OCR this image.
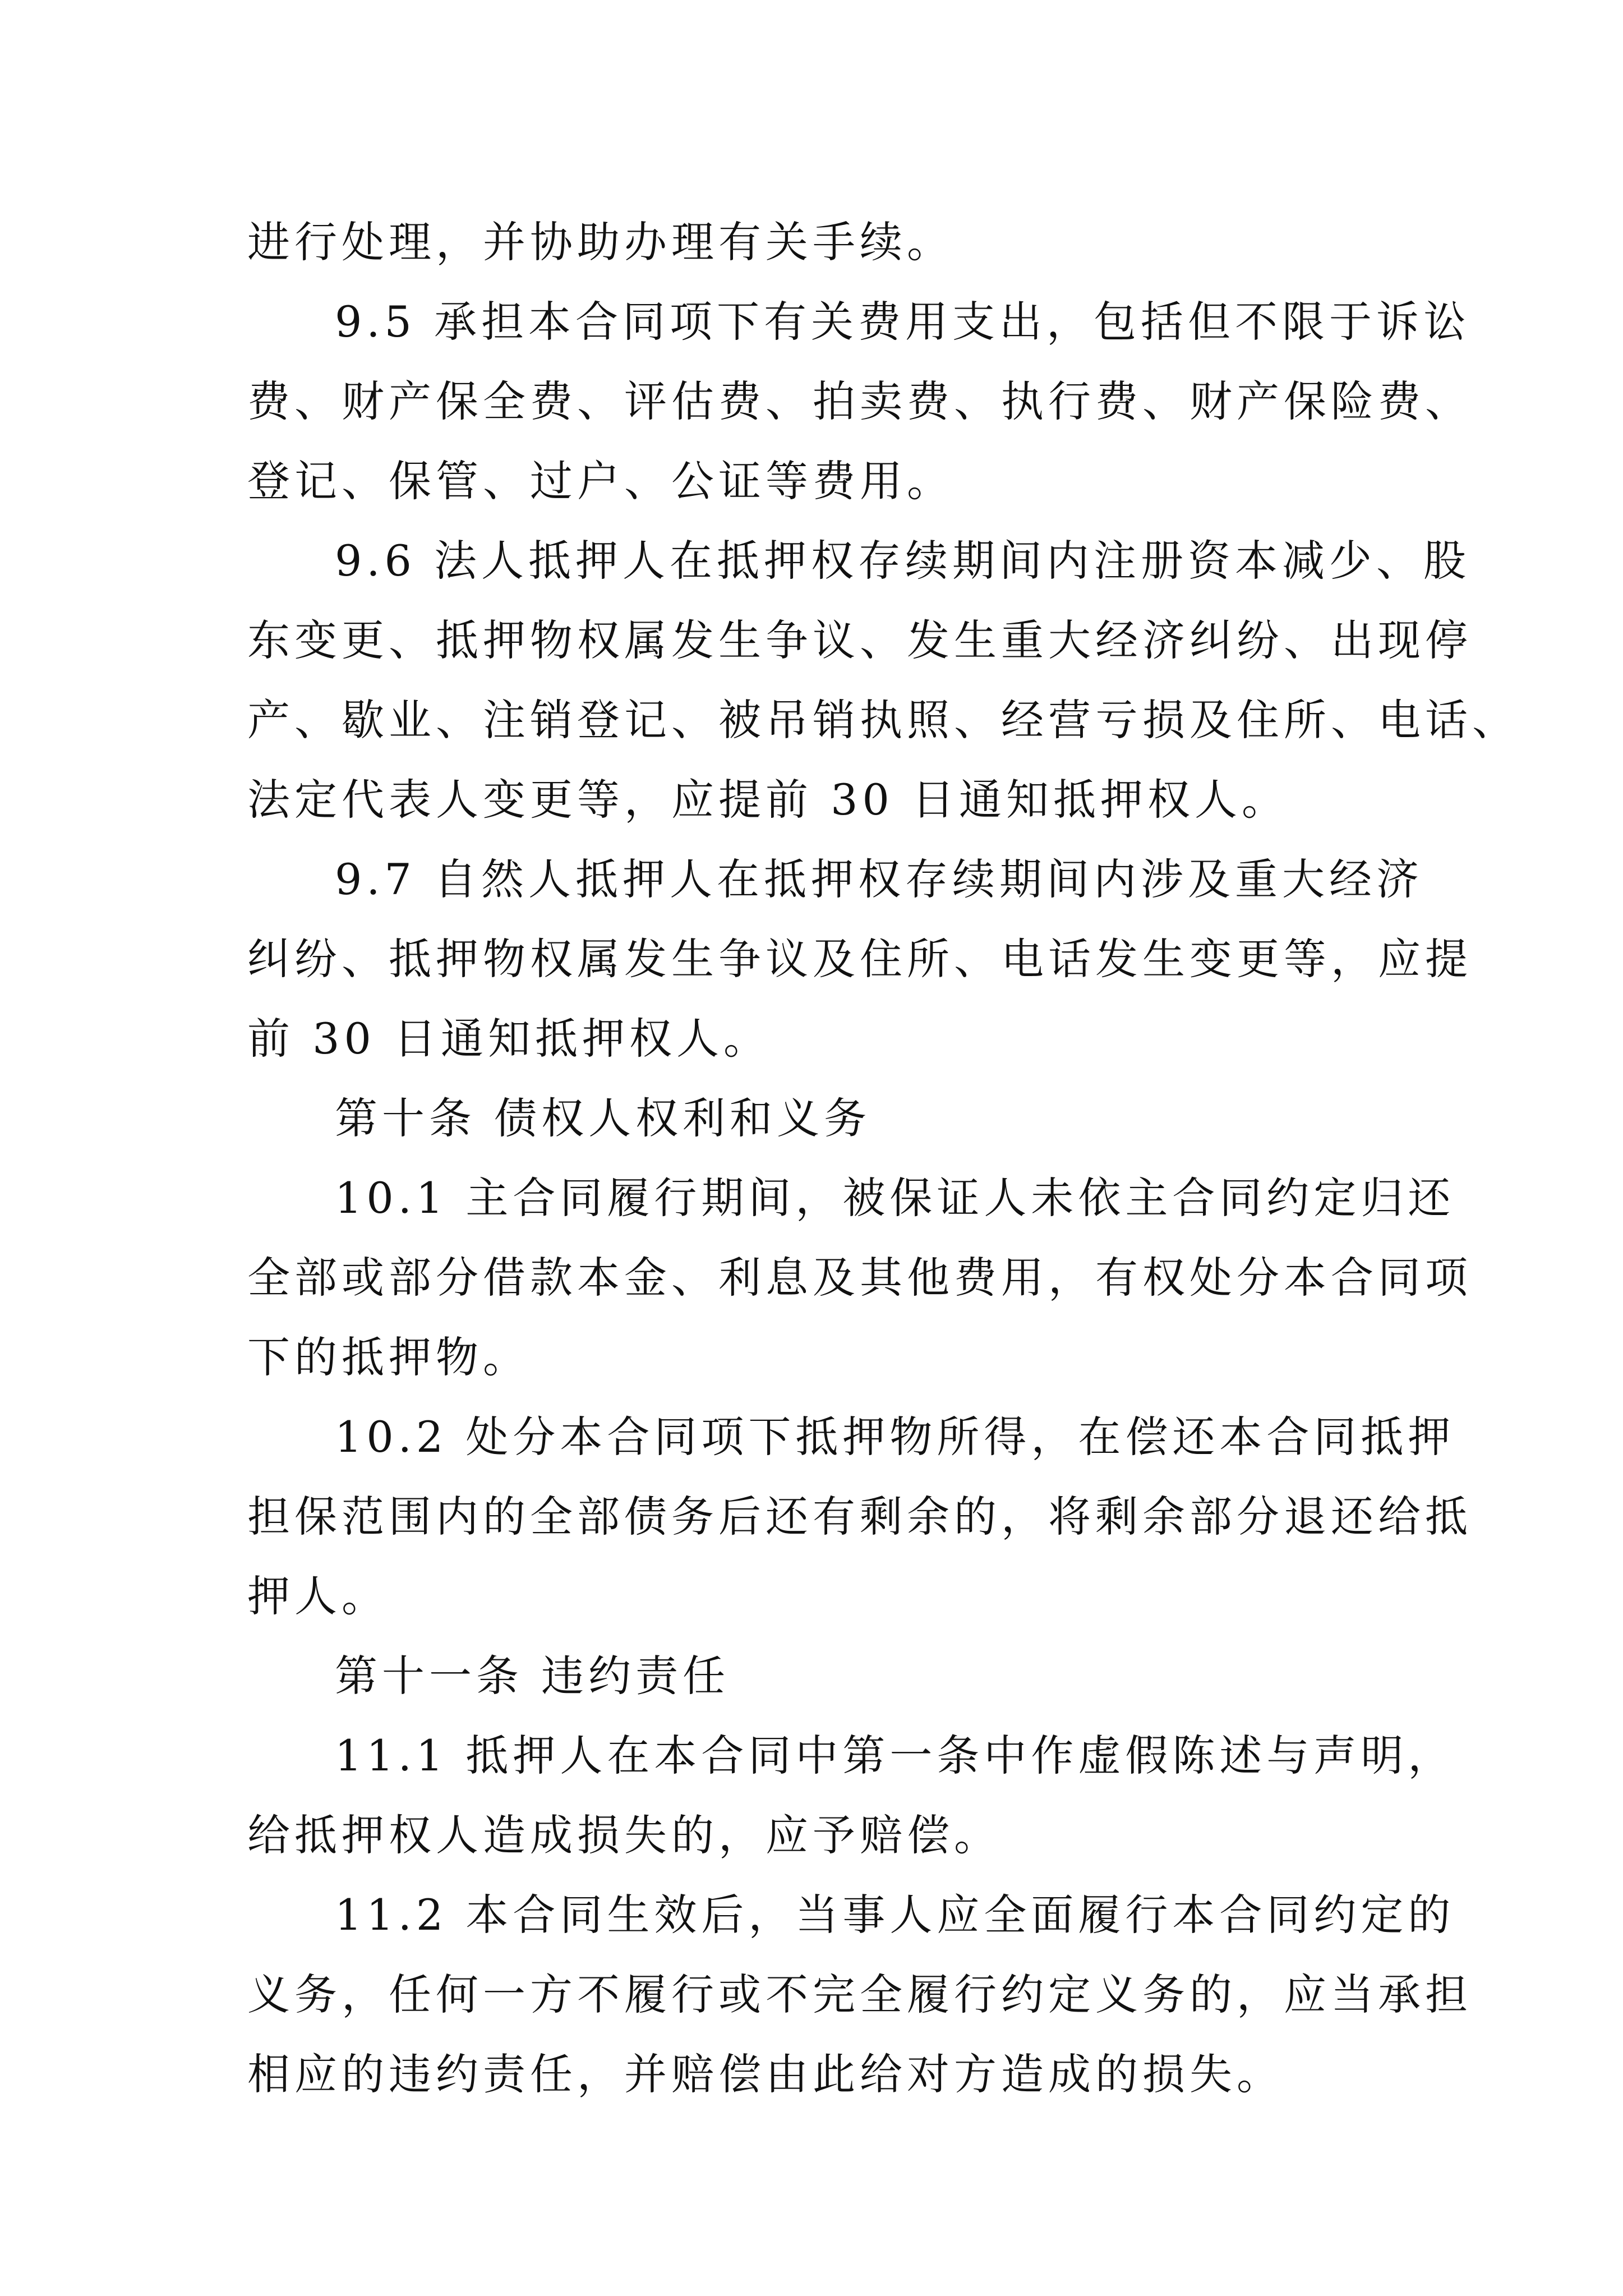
进行处理，并协助办理有关手续。
9.5 承担本合同项下有关费用支出，包括但不限于诉讼
费、财产保全费、评估费、拍卖费、执行费、财产保险费、
登记、保管、过户、公证等费用。
9.6 法人抵押人在抵押权存续期间内注册资本减少、股
东变更、抵押物权属发生争议、发生重大经济纠纷、出现停
产、歇业、注销登记、被吊销执照、经营亏损及住所、电话、
法定代表人变更等，应提前 30 日通知抵押权人。
9.7 自然人抵押人在抵押权存续期间内涉及重大经济
纠纷、抵押物权属发生争议及住所、电话发生变更等，应提
前 30 日通知抵押权人。
第十条 债权人权利和义务
10.1 主合同履行期间，被保证人未依主合同约定归还
全部或部分借款本金、利息及其他费用，有权处分本合同项
下的抵押物。
10.2 处分本合同项下抵押物所得，在偿还本合同抵押
担保范围内的全部债务后还有剩余的，将剩余部分退还给抵
押人。
第十一条 违约责任
11.1 抵押人在本合同中第一条中作虚假陈述与声明，
给抵押权人造成损失的，应予赔偿。
11.2 本合同生效后，当事人应全面履行本合同约定的
义务，任何一方不履行或不完全履行约定义务的，应当承担
相应的违约责任，并赔偿由此给对方造成的损失。
